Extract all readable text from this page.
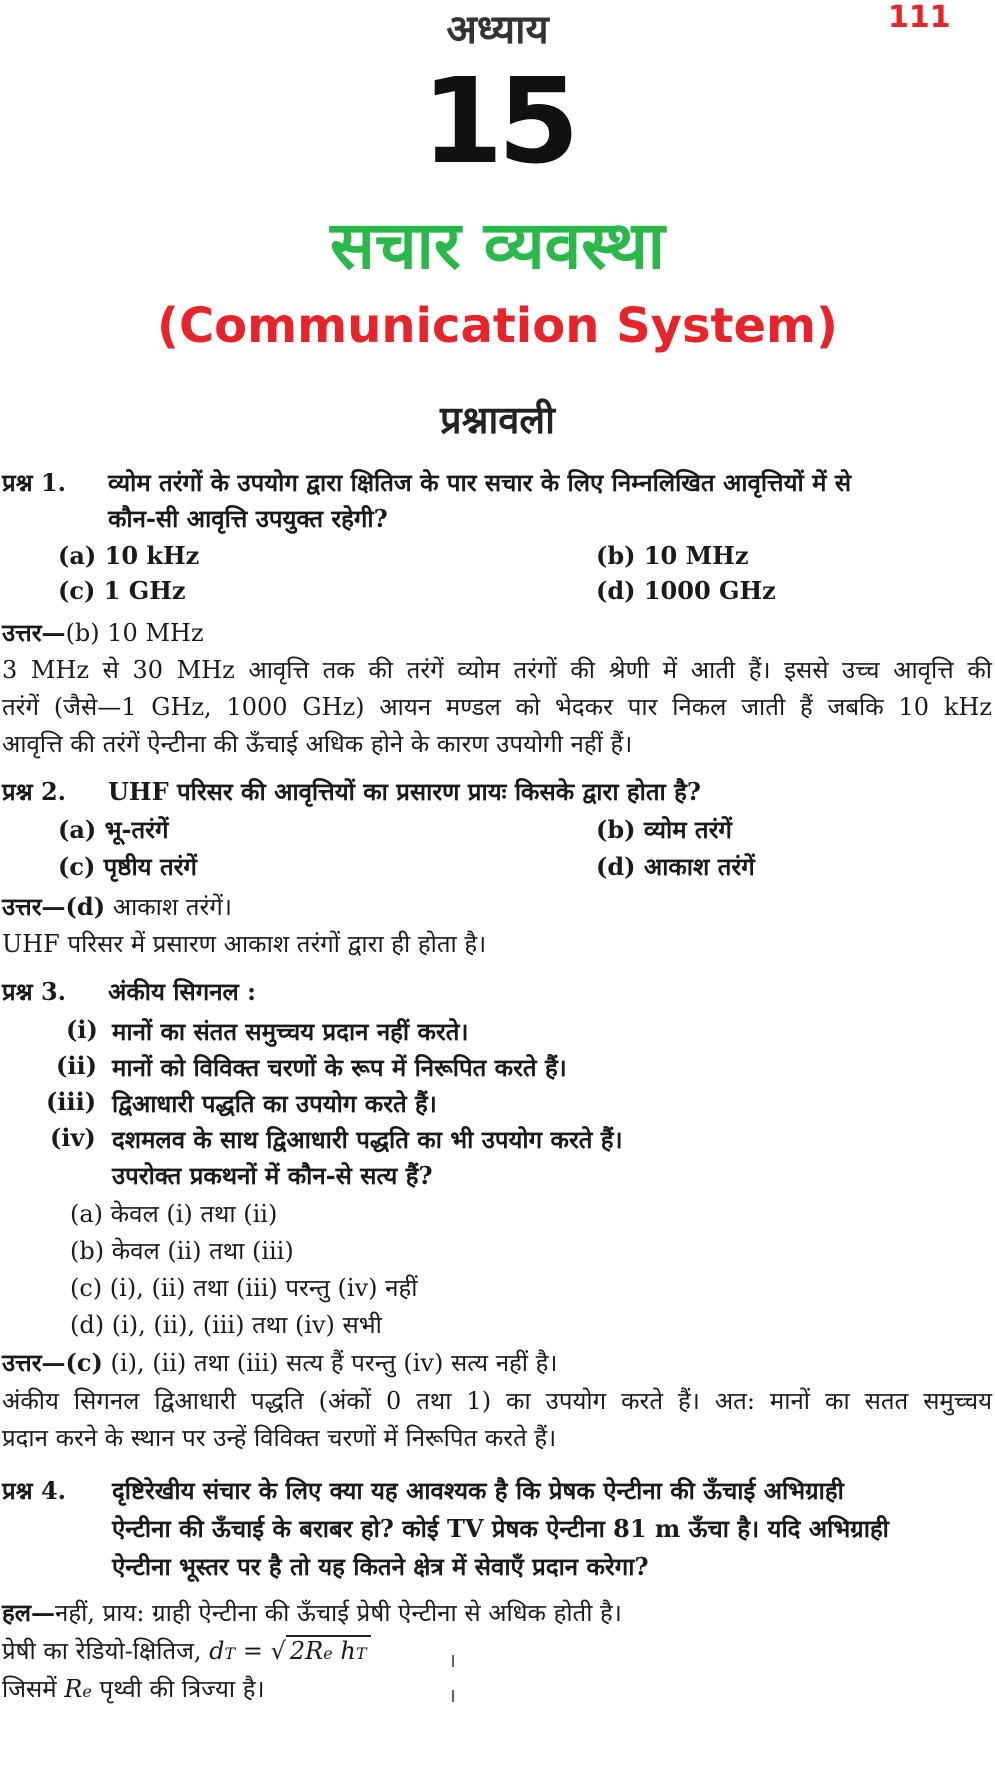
अध्याय	111
15
सचार व्यवस्था
(Communication System)
प्रश्नावली
प्रश्न 1. व्योम तरंगों के उपयोग द्वारा क्षितिज के पार सचार के लिए निम्नलिखित आवृत्तियों में से
कौन-सी आवृत्ति उपयुक्त रहेगी?
(a) 10 kHz	(b) 10 MHz
(c) 1 GHz	(d) 1000 GHz
उत्तर—(b) 10 MHz
3 MHz से 30 MHz आवृत्ति तक की तरंगें व्योम तरंगों की श्रेणी में आती हैं। इससे उच्च आवृत्ति की
तरंगें (जैसे—1 GHz, 1000 GHz) आयन मण्डल को भेदकर पार निकल जाती हैं जबकि 10 kHz
आवृत्ति की तरंगें ऐन्टीना की ऊँचाई अधिक होने के कारण उपयोगी नहीं हैं।
प्रश्न 2. UHF परिसर की आवृत्तियों का प्रसारण प्रायः किसके द्वारा होता है?
(a) भू-तरंगें	(b) व्योम तरंगें
(c) पृष्ठीय तरंगें	(d) आकाश तरंगें
उत्तर—(d) आकाश तरंगें।
UHF परिसर में प्रसारण आकाश तरंगों द्वारा ही होता है।
प्रश्न 3. अंकीय सिगनल :
(i) मानों का संतत समुच्चय प्रदान नहीं करते।
(ii) मानों को विविक्त चरणों के रूप में निरूपित करते हैं।
(iii) द्विआधारी पद्धति का उपयोग करते हैं।
(iv) दशमलव के साथ द्विआधारी पद्धति का भी उपयोग करते हैं।
उपरोक्त प्रकथनों में कौन-से सत्य हैं?
(a) केवल (i) तथा (ii)
(b) केवल (ii) तथा (iii)
(c) (i), (ii) तथा (iii) परन्तु (iv) नहीं
(d) (i), (ii), (iii) तथा (iv) सभी
उत्तर—(c) (i), (ii) तथा (iii) सत्य हैं परन्तु (iv) सत्य नहीं है।
अंकीय सिगनल द्विआधारी पद्धति (अंकों 0 तथा 1) का उपयोग करते हैं। अत: मानों का सतत समुच्चय
प्रदान करने के स्थान पर उन्हें विविक्त चरणों में निरूपित करते हैं।
प्रश्न 4. दृष्टिरेखीय संचार के लिए क्या यह आवश्यक है कि प्रेषक ऐन्टीना की ऊँचाई अभिग्राही
ऐन्टीना की ऊँचाई के बराबर हो? कोई TV प्रेषक ऐन्टीना 81 m ऊँचा है। यदि अभिग्राही
ऐन्टीना भूस्तर पर है तो यह कितने क्षेत्र में सेवाएँ प्रदान करेगा?
हल—नहीं, प्राय: ग्राही ऐन्टीना की ऊँचाई प्रेषी ऐन्टीना से अधिक होती है।
प्रेषी का रेडियो-क्षितिज, dT = √ 2Re hT
जिसमें Re पृथ्वी की त्रिज्या है।
